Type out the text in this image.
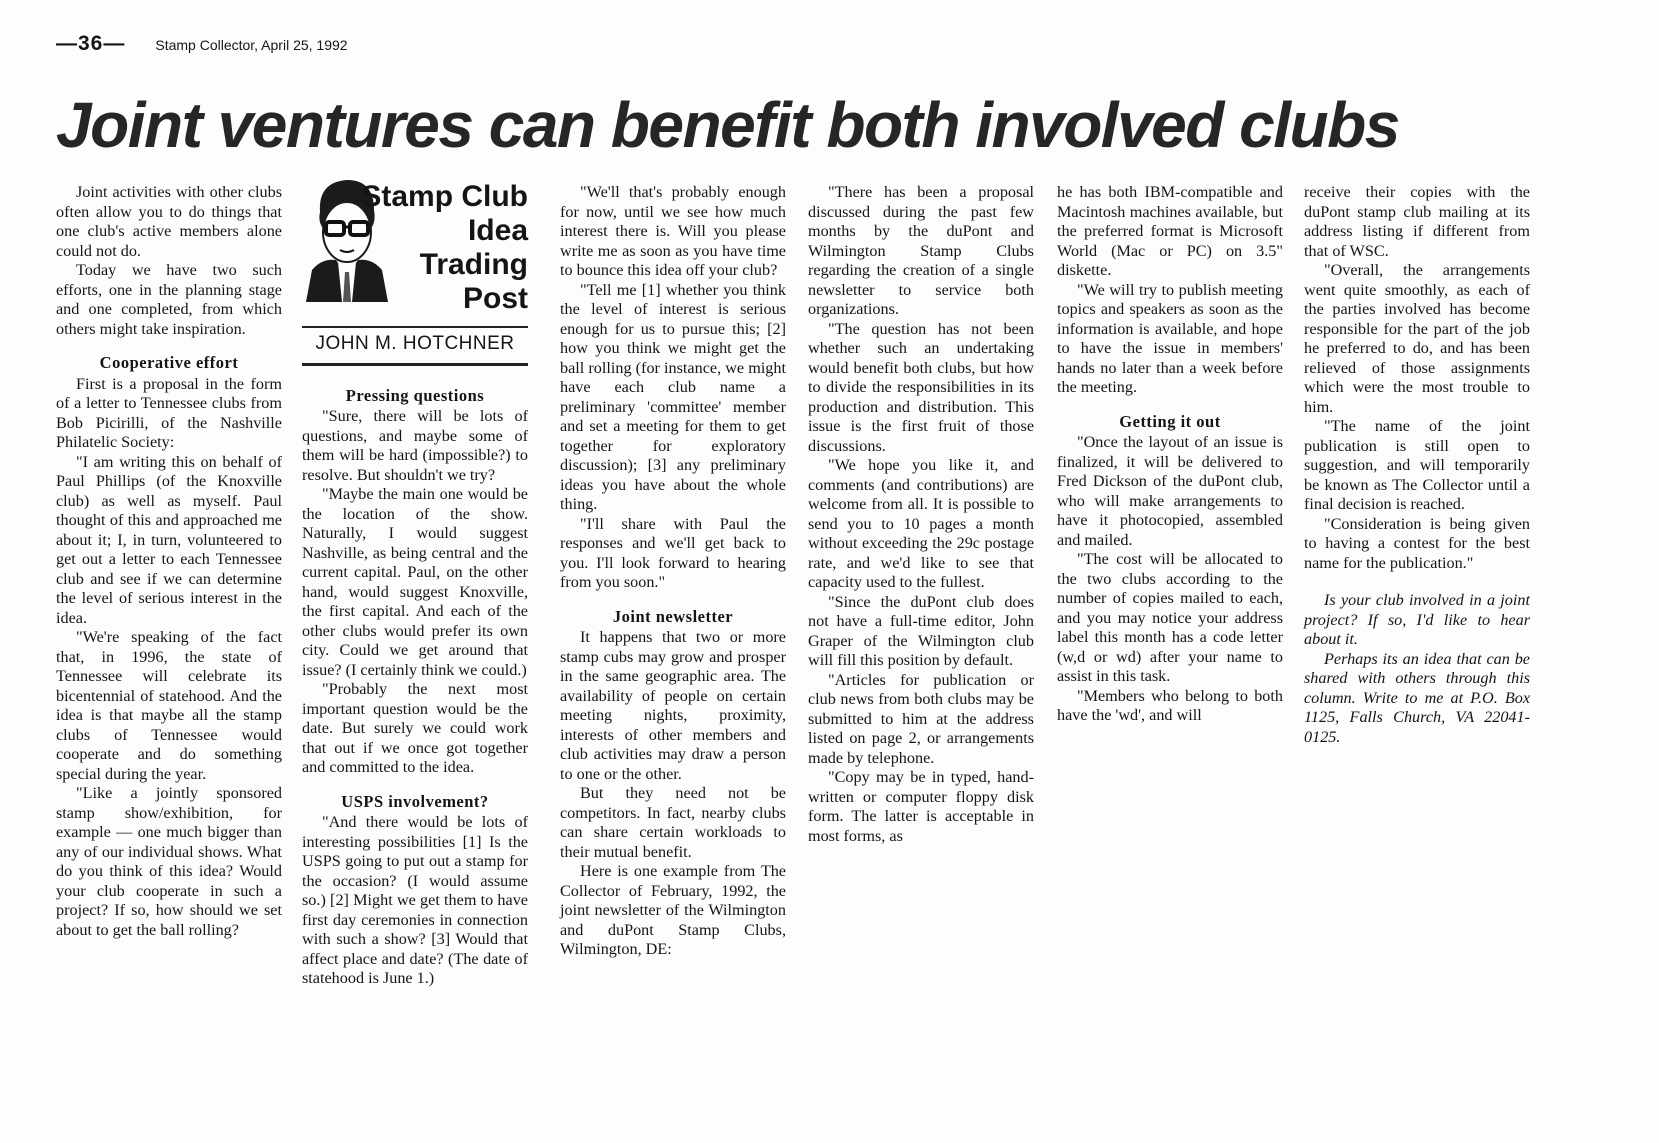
—36— Stamp Collector, April 25, 1992
Joint ventures can benefit both involved clubs

Joint activities with other clubs often allow you to do things that one club's active members alone could not do.

Today we have two such efforts, one in the planning stage and one completed, from which others might take inspiration.

Cooperative effort

First is a proposal in the form of a letter to Tennessee clubs from Bob Picirilli, of the Nashville Philatelic Society:

"I am writing this on behalf of Paul Phillips (of the Knoxville club) as well as myself. Paul thought of this and approached me about it; I, in turn, volunteered to get out a letter to each Tennessee club and see if we can determine the level of serious interest in the idea.

"We're speaking of the fact that, in 1996, the state of Tennessee will celebrate its bicentennial of statehood. And the idea is that maybe all the stamp clubs of Tennessee would cooperate and do something special during the year.

"Like a jointly sponsored stamp show/exhibition, for example — one much bigger than any of our individual shows. What do you think of this idea? Would your club cooperate in such a project? If so, how should we set about to get the ball rolling?

Stamp Club
Idea
Trading
Post
JOHN M. HOTCHNER
Pressing questions

"Sure, there will be lots of questions, and maybe some of them will be hard (impossible?) to resolve. But shouldn't we try?

"Maybe the main one would be the location of the show. Naturally, I would suggest Nashville, as being central and the current capital. Paul, on the other hand, would suggest Knoxville, the first capital. And each of the other clubs would prefer its own city. Could we get around that issue? (I certainly think we could.)

"Probably the next most important question would be the date. But surely we could work that out if we once got together and committed to the idea.

USPS involvement?

"And there would be lots of interesting possibilities [1] Is the USPS going to put out a stamp for the occasion? (I would assume so.) [2] Might we get them to have first day ceremonies in connection with such a show? [3] Would that affect place and date? (The date of statehood is June 1.)

"We'll that's probably enough for now, until we see how much interest there is. Will you please write me as soon as you have time to bounce this idea off your club?

"Tell me [1] whether you think the level of interest is serious enough for us to pursue this; [2] how you think we might get the ball rolling (for instance, we might have each club name a preliminary 'committee' member and set a meeting for them to get together for exploratory discussion); [3] any preliminary ideas you have about the whole thing.

"I'll share with Paul the responses and we'll get back to you. I'll look forward to hearing from you soon."

Joint newsletter

It happens that two or more stamp cubs may grow and prosper in the same geographic area. The availability of people on certain meeting nights, proximity, interests of other members and club activities may draw a person to one or the other.

But they need not be competitors. In fact, nearby clubs can share certain workloads to their mutual benefit.

Here is one example from The Collector of February, 1992, the joint newsletter of the Wilmington and duPont Stamp Clubs, Wilmington, DE:

"There has been a proposal discussed during the past few months by the duPont and Wilmington Stamp Clubs regarding the creation of a single newsletter to service both organizations.

"The question has not been whether such an undertaking would benefit both clubs, but how to divide the responsibilities in its production and distribution. This issue is the first fruit of those discussions.

"We hope you like it, and comments (and contributions) are welcome from all. It is possible to send you to 10 pages a month without exceeding the 29c postage rate, and we'd like to see that capacity used to the fullest.

"Since the duPont club does not have a full-time editor, John Graper of the Wilmington club will fill this position by default.

"Articles for publication or club news from both clubs may be submitted to him at the address listed on page 2, or arrangements made by telephone.

"Copy may be in typed, hand-written or computer floppy disk form. The latter is acceptable in most forms, as

he has both IBM-compatible and Macintosh machines available, but the preferred format is Microsoft World (Mac or PC) on 3.5" diskette.

"We will try to publish meeting topics and speakers as soon as the information is available, and hope to have the issue in members' hands no later than a week before the meeting.

Getting it out

"Once the layout of an issue is finalized, it will be delivered to Fred Dickson of the duPont club, who will make arrangements to have it photocopied, assembled and mailed.

"The cost will be allocated to the two clubs according to the number of copies mailed to each, and you may notice your address label this month has a code letter (w,d or wd) after your name to assist in this task.

"Members who belong to both have the 'wd', and will

receive their copies with the duPont stamp club mailing at its address listing if different from that of WSC.

"Overall, the arrangements went quite smoothly, as each of the parties involved has become responsible for the part of the job he preferred to do, and has been relieved of those assignments which were the most trouble to him.

"The name of the joint publication is still open to suggestion, and will temporarily be known as The Collector until a final decision is reached.

"Consideration is being given to having a contest for the best name for the publication."

Is your club involved in a joint project? If so, I'd like to hear about it.

Perhaps its an idea that can be shared with others through this column. Write to me at P.O. Box 1125, Falls Church, VA 22041-0125.
